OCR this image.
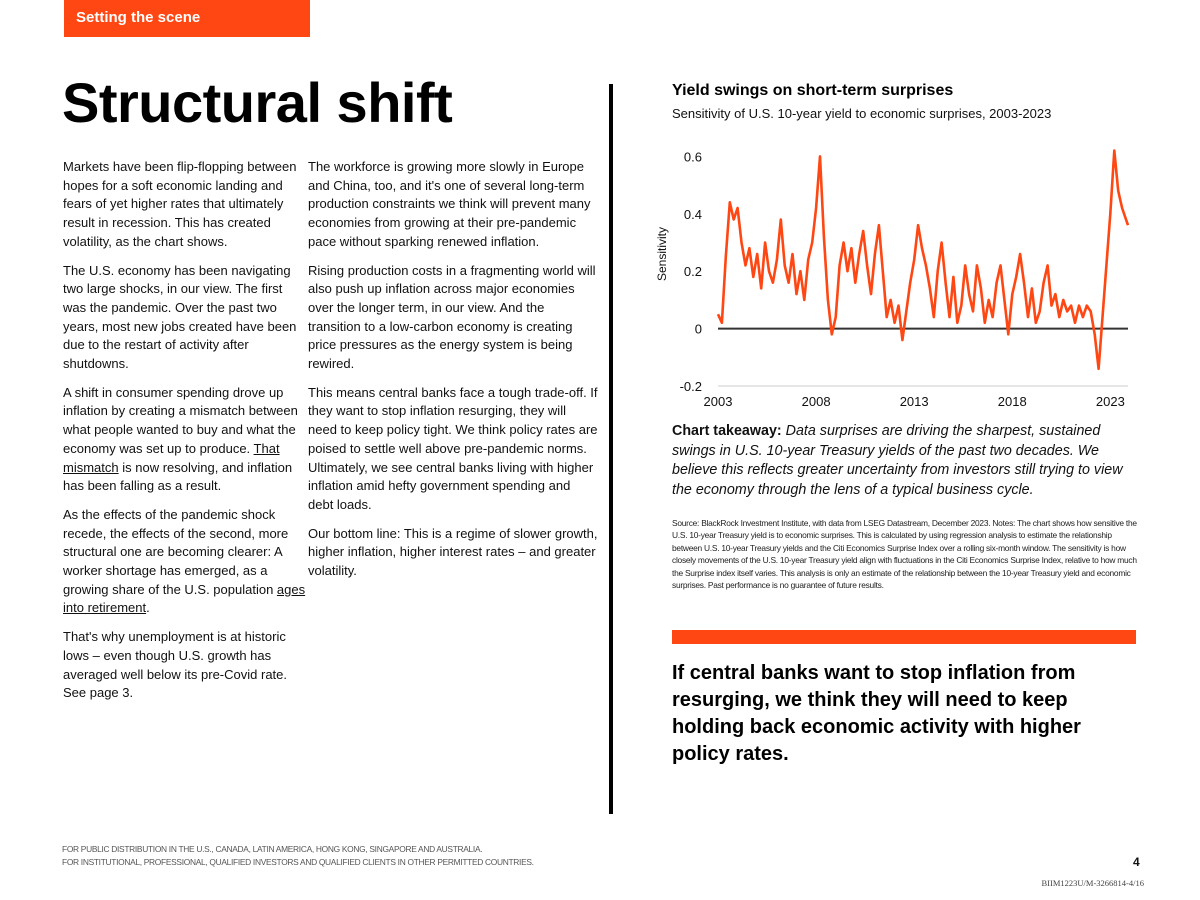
Setting the scene
Structural shift

Markets have been flip-flopping between hopes for a soft economic landing and fears of yet higher rates that ultimately result in recession. This has created volatility, as the chart shows.

The U.S. economy has been navigating two large shocks, in our view. The first was the pandemic. Over the past two years, most new jobs created have been due to the restart of activity after shutdowns.

A shift in consumer spending drove up inflation by creating a mismatch between what people wanted to buy and what the economy was set up to produce. That mismatch is now resolving, and inflation has been falling as a result.

As the effects of the pandemic shock recede, the effects of the second, more structural one are becoming clearer: A worker shortage has emerged, as a growing share of the U.S. population ages into retirement.

That's why unemployment is at historic lows – even though U.S. growth has averaged well below its pre-Covid rate. See page 3.

The workforce is growing more slowly in Europe and China, too, and it's one of several long-term production constraints we think will prevent many economies from growing at their pre-pandemic pace without sparking renewed inflation.

Rising production costs in a fragmenting world will also push up inflation across major economies over the longer term, in our view. And the transition to a low-carbon economy is creating price pressures as the energy system is being rewired.

This means central banks face a tough trade-off. If they want to stop inflation resurging, they will need to keep policy tight. We think policy rates are poised to settle well above pre-pandemic norms. Ultimately, we see central banks living with higher inflation amid hefty government spending and debt loads.

Our bottom line: This is a regime of slower growth, higher inflation, higher interest rates – and greater volatility.

Yield swings on short-term surprises
Sensitivity of U.S. 10-year yield to economic surprises, 2003-2023
-0.2
0
0.2
0.4
0.6
2003	2008	2013	2018	2023
Sensitivity
Chart takeaway: Data surprises are driving the sharpest, sustained swings in U.S. 10-year Treasury yields of the past two decades. We believe this reflects greater uncertainty from investors still trying to view the economy through the lens of a typical business cycle.
Source: BlackRock Investment Institute, with data from LSEG Datastream, December 2023. Notes: The chart shows how sensitive the U.S. 10-year Treasury yield is to economic surprises. This is calculated by using regression analysis to estimate the relationship between U.S. 10-year Treasury yields and the Citi Economics Surprise Index over a rolling six-month window. The sensitivity is how closely movements of the U.S. 10-year Treasury yield align with fluctuations in the Citi Economics Surprise Index, relative to how much the Surprise index itself varies. This analysis is only an estimate of the relationship between the 10-year Treasury yield and economic surprises. Past performance is no guarantee of future results.
If central banks want to stop inflation from resurging, we think they will need to keep holding back economic activity with higher policy rates.
FOR PUBLIC DISTRIBUTION IN THE U.S., CANADA, LATIN AMERICA, HONG KONG, SINGAPORE AND AUSTRALIA.
FOR INSTITUTIONAL, PROFESSIONAL, QUALIFIED INVESTORS AND QUALIFIED CLIENTS IN OTHER PERMITTED COUNTRIES.	4
BIIM1223U/M-3266814-4/16
